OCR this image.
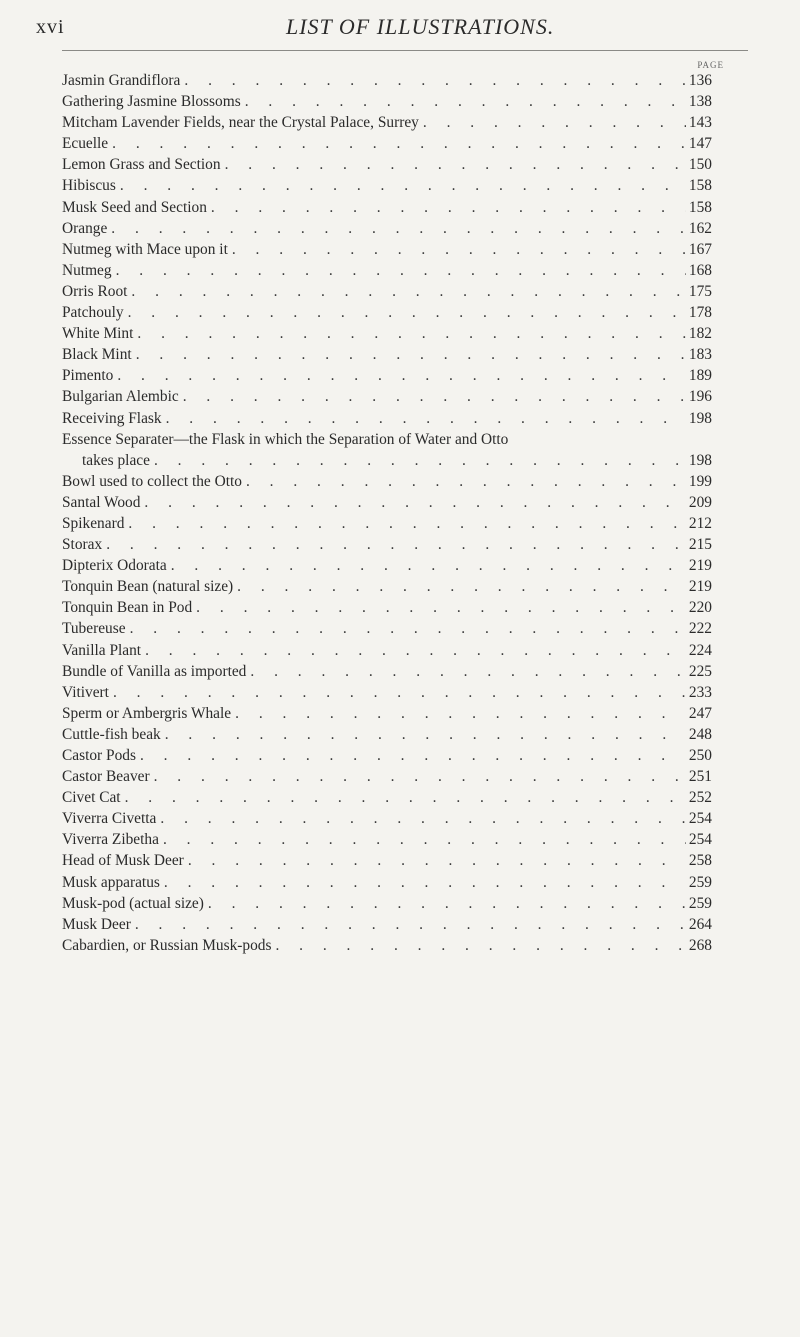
xvi	LIST OF ILLUSTRATIONS.
PAGE
Jasmin Grandiflora . . .	136
Gathering Jasmine Blossoms . . .	138
Mitcham Lavender Fields, near the Crystal Palace, Surrey . . .	143
Ecuelle . . .	147
Lemon Grass and Section . . .	150
Hibiscus . . .	158
Musk Seed and Section . . .	158
Orange . . .	162
Nutmeg with Mace upon it . . .	167
Nutmeg . . .	168
Orris Root . . .	175
Patchouly . . .	178
White Mint . . .	182
Black Mint . . .	183
Pimento . . .	189
Bulgarian Alembic . . .	196
Receiving Flask . . .	198
Essence Separater—the Flask in which the Separation of Water and Otto
takes place . . .	198
Bowl used to collect the Otto . . .	199
Santal Wood . . .	209
Spikenard . . .	212
Storax . . .	215
Dipterix Odorata . . .	219
Tonquin Bean (natural size) . . .	219
Tonquin Bean in Pod . . .	220
Tubereuse . . .	222
Vanilla Plant . . .	224
Bundle of Vanilla as imported . . .	225
Vitivert . . .	233
Sperm or Ambergris Whale . . .	247
Cuttle-fish beak . . .	248
Castor Pods . . .	250
Castor Beaver . . .	251
Civet Cat . . .	252
Viverra Civetta . . .	254
Viverra Zibetha . . .	254
Head of Musk Deer . . .	258
Musk apparatus . . .	259
Musk-pod (actual size) . . .	259
Musk Deer . . .	264
Cabardien, or Russian Musk-pods . . .	268
